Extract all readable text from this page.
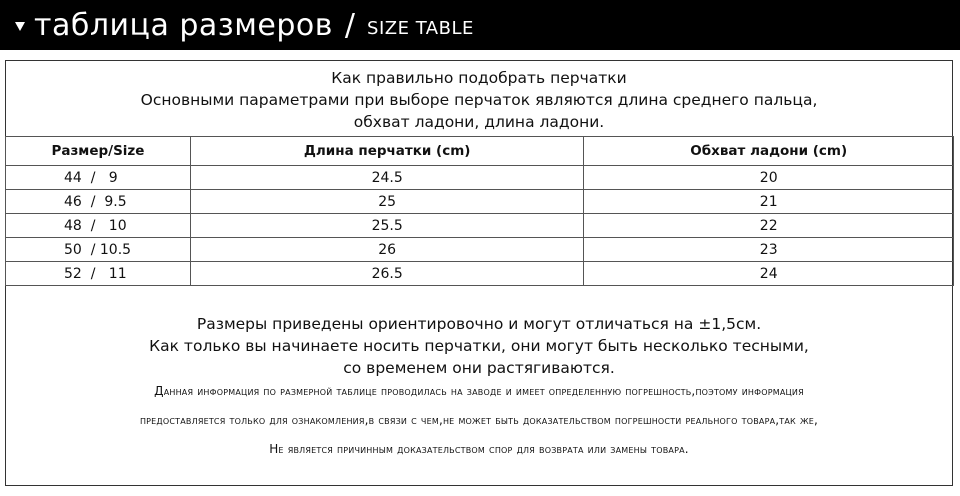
таблица размеров / SIZE TABLE
Как правильно подобрать перчатки
Основными параметрами при выборе перчаток являются длина среднего пальца,
обхват ладони, длина ладони.
Размер/Size	Длина перчатки (cm)	Обхват ладони (cm)
44  /   9	24.5	20
46  /  9.5	25	21
48  /   10	25.5	22
50  / 10.5	26	23
52  /   11	26.5	24
Размеры приведены ориентировочно и могут отличаться на ±1,5см.
Как только вы начинаете носить перчатки, они могут быть несколько тесными,
со временем они растягиваются.
Данная информация по размерной таблице проводилась на заводе и имеет определенную погрешность,поэтому информация
предоставляется только для ознакомления,в связи с чем,не может быть доказательством погрешности реального товара,так же,
Не является причинным доказательством спор для возврата или замены товара.
